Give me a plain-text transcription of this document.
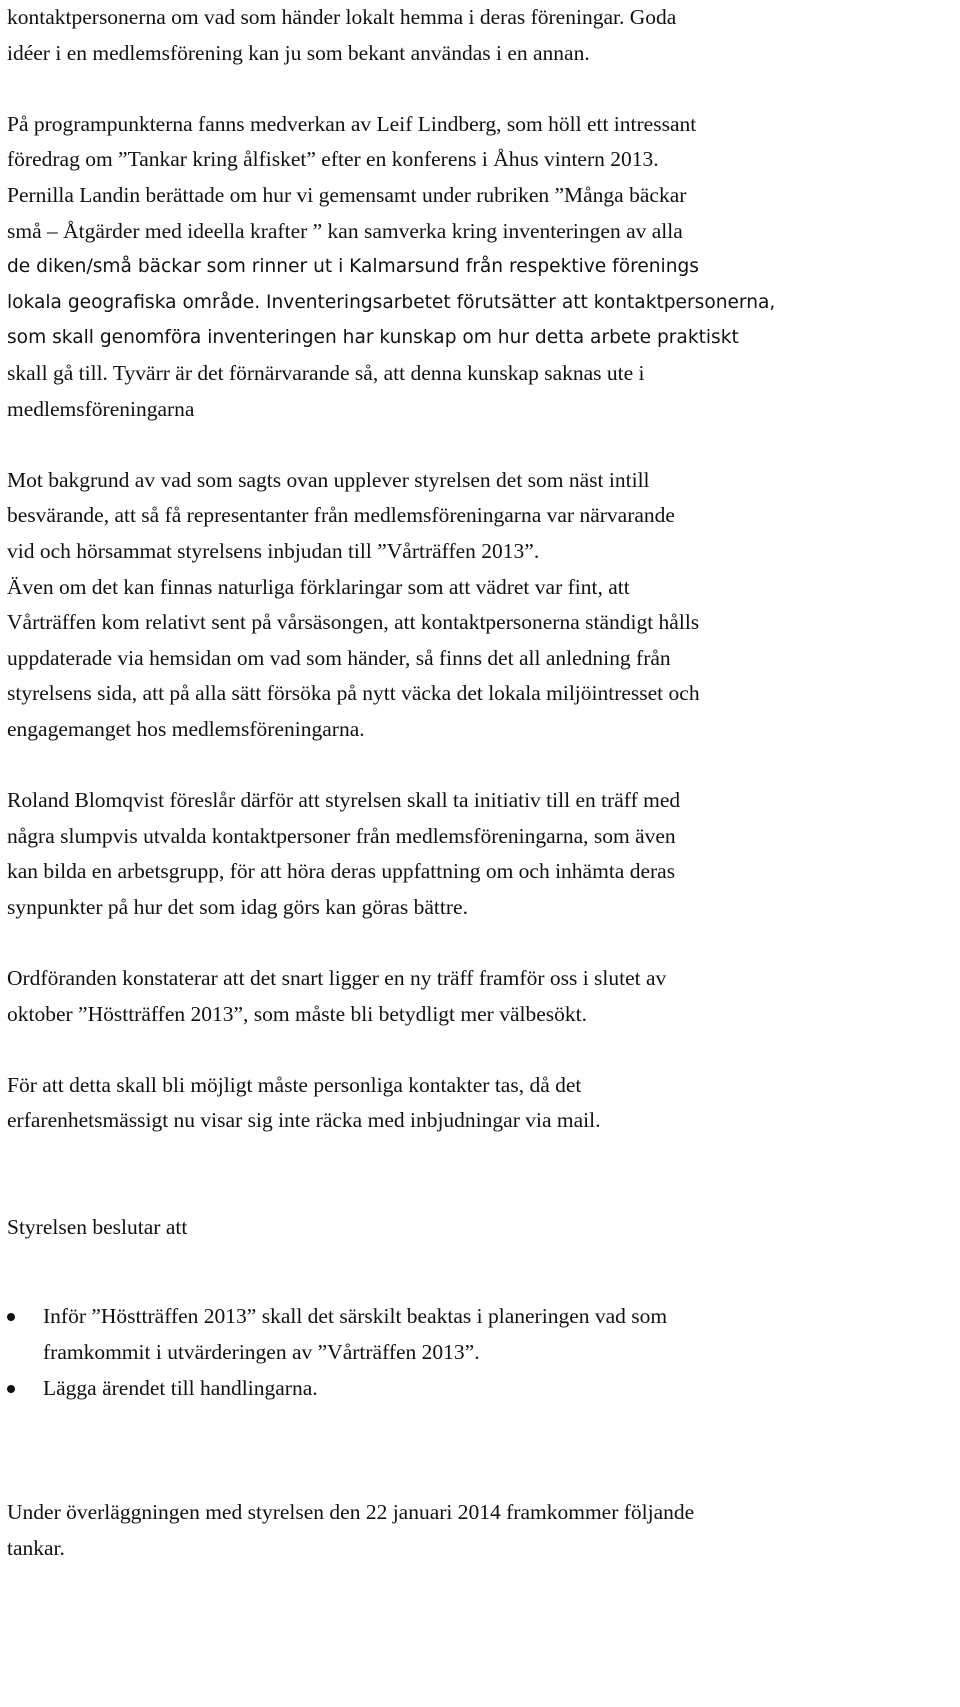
kontaktpersonerna om vad som händer lokalt hemma i deras föreningar. Goda
idéer i en medlemsförening kan ju som bekant användas i en annan.
På programpunkterna fanns medverkan av Leif Lindberg, som höll ett intressant
föredrag om ”Tankar kring ålfisket” efter en konferens i Åhus vintern 2013.
Pernilla Landin berättade om hur vi gemensamt under rubriken ”Många bäckar
små – Åtgärder med ideella krafter ” kan samverka kring inventeringen av alla
de diken/små bäckar som rinner ut i Kalmarsund från respektive förenings
lokala geografiska område. Inventeringsarbetet förutsätter att kontaktpersonerna,
som skall genomföra inventeringen har kunskap om hur detta arbete praktiskt
skall gå till. Tyvärr är det förnärvarande så, att denna kunskap saknas ute i
medlemsföreningarna
Mot bakgrund av vad som sagts ovan upplever styrelsen det som näst intill
besvärande, att så få representanter från medlemsföreningarna var närvarande
vid och hörsammat styrelsens inbjudan till ”Vårträffen 2013”.
Även om det kan finnas naturliga förklaringar som att vädret var fint, att
Vårträffen kom relativt sent på vårsäsongen, att kontaktpersonerna ständigt hålls
uppdaterade via hemsidan om vad som händer, så finns det all anledning från
styrelsens sida, att på alla sätt försöka på nytt väcka det lokala miljöintresset och
engagemanget hos medlemsföreningarna.
Roland Blomqvist föreslår därför att styrelsen skall ta initiativ till en träff med
några slumpvis utvalda kontaktpersoner från medlemsföreningarna, som även
kan bilda en arbetsgrupp, för att höra deras uppfattning om och inhämta deras
synpunkter på hur det som idag görs kan göras bättre.
Ordföranden konstaterar att det snart ligger en ny träff framför oss i slutet av
oktober ”Höstträffen 2013”, som måste bli betydligt mer välbesökt.
För att detta skall bli möjligt måste personliga kontakter tas, då det
erfarenhetsmässigt nu visar sig inte räcka med inbjudningar via mail.
Styrelsen beslutar att
Inför ”Höstträffen 2013” skall det särskilt beaktas i planeringen vad som
framkommit i utvärderingen av ”Vårträffen 2013”.
Lägga ärendet till handlingarna.
Under överläggningen med styrelsen den 22 januari 2014 framkommer följande
tankar.
